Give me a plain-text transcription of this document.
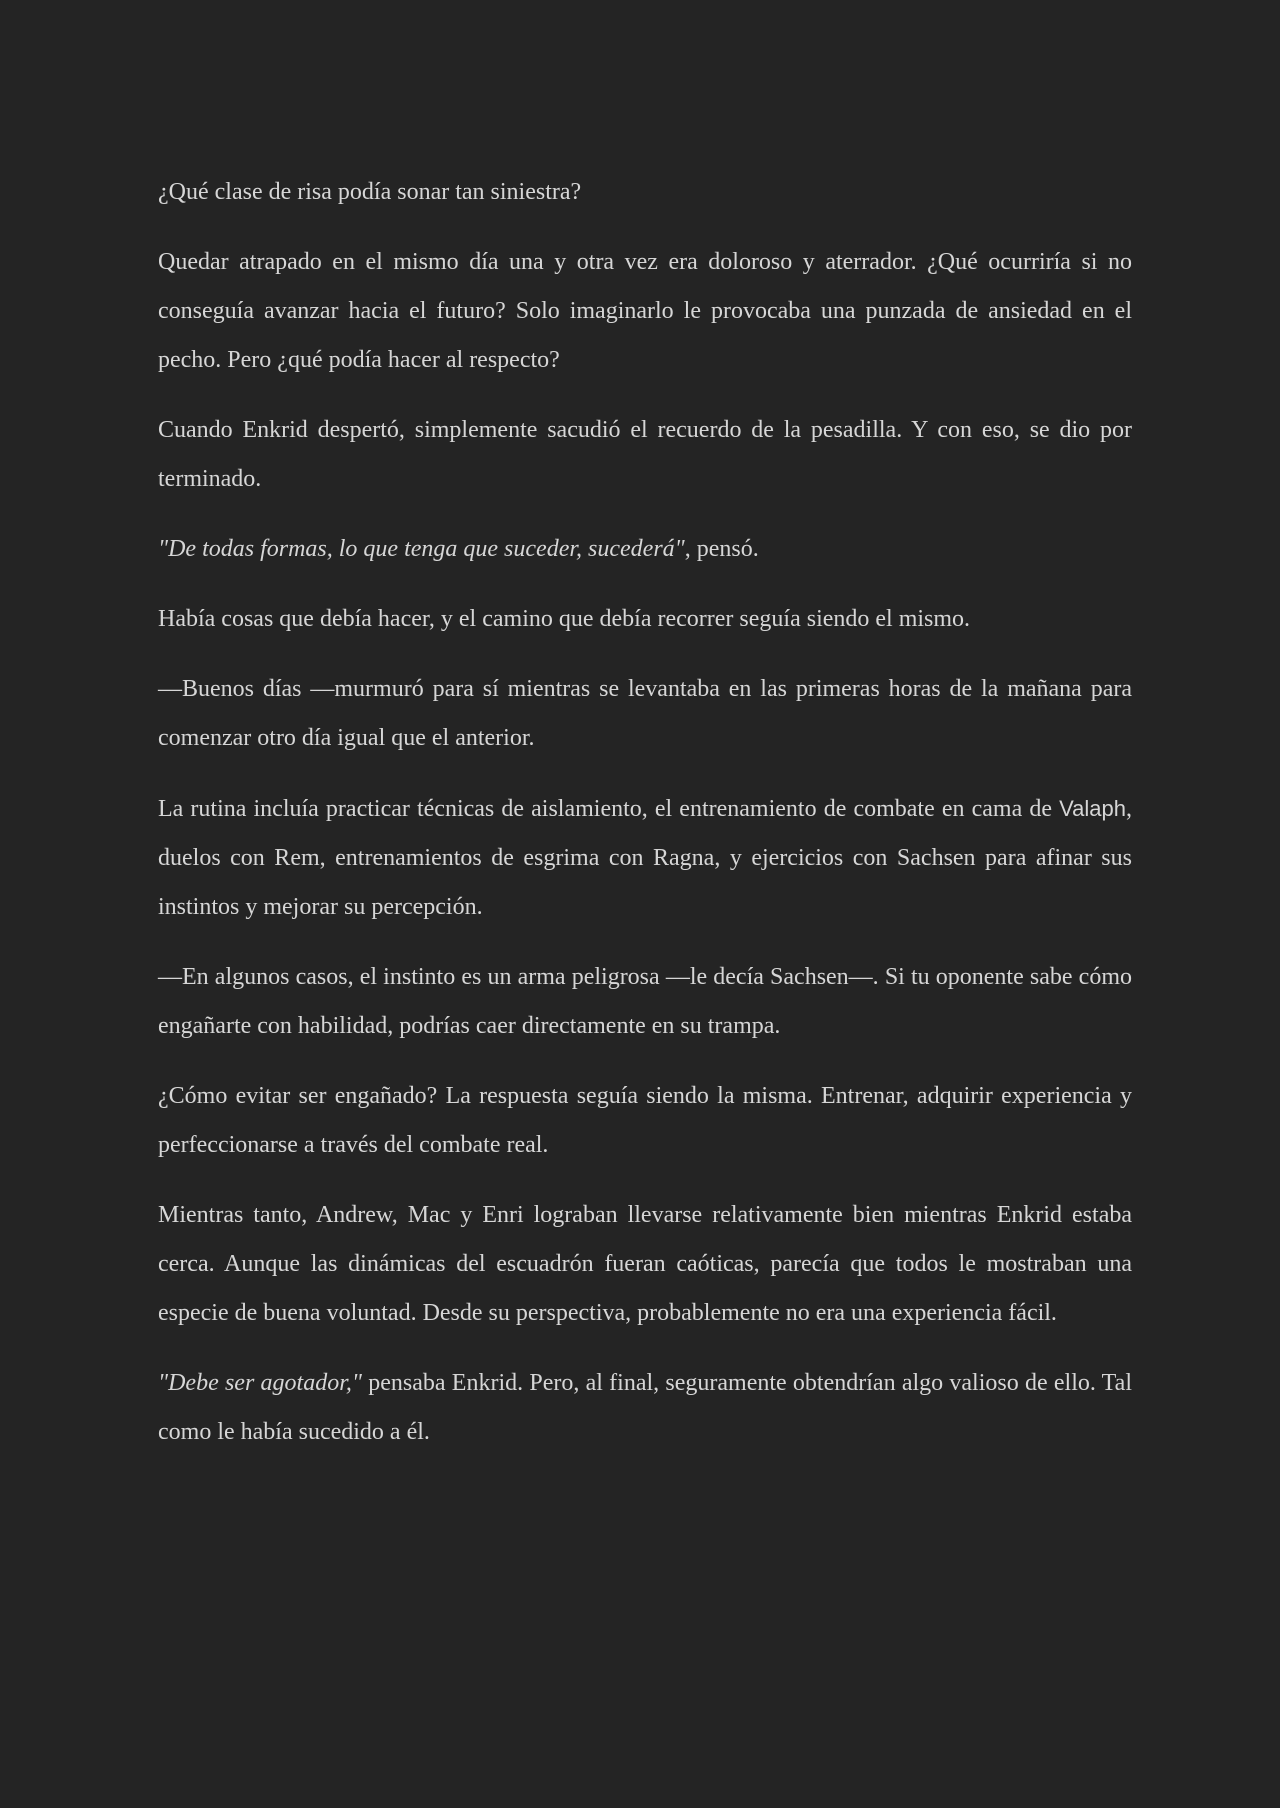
¿Qué clase de risa podía sonar tan siniestra?

Quedar atrapado en el mismo día una y otra vez era doloroso y aterrador. ¿Qué ocurriría si no conseguía avanzar hacia el futuro? Solo imaginarlo le provocaba una punzada de ansiedad en el pecho. Pero ¿qué podía hacer al respecto?

Cuando Enkrid despertó, simplemente sacudió el recuerdo de la pesadilla. Y con eso, se dio por terminado.

"De todas formas, lo que tenga que suceder, sucederá", pensó.

Había cosas que debía hacer, y el camino que debía recorrer seguía siendo el mismo.

—Buenos días —murmuró para sí mientras se levantaba en las primeras horas de la mañana para comenzar otro día igual que el anterior.

La rutina incluía practicar técnicas de aislamiento, el entrenamiento de combate en cama de Valaph, duelos con Rem, entrenamientos de esgrima con Ragna, y ejercicios con Sachsen para afinar sus instintos y mejorar su percepción.

—En algunos casos, el instinto es un arma peligrosa —le decía Sachsen—. Si tu oponente sabe cómo engañarte con habilidad, podrías caer directamente en su trampa.

¿Cómo evitar ser engañado? La respuesta seguía siendo la misma. Entrenar, adquirir experiencia y perfeccionarse a través del combate real.

Mientras tanto, Andrew, Mac y Enri lograban llevarse relativamente bien mientras Enkrid estaba cerca. Aunque las dinámicas del escuadrón fueran caóticas, parecía que todos le mostraban una especie de buena voluntad. Desde su perspectiva, probablemente no era una experiencia fácil.

"Debe ser agotador," pensaba Enkrid. Pero, al final, seguramente obtendrían algo valioso de ello. Tal como le había sucedido a él.
